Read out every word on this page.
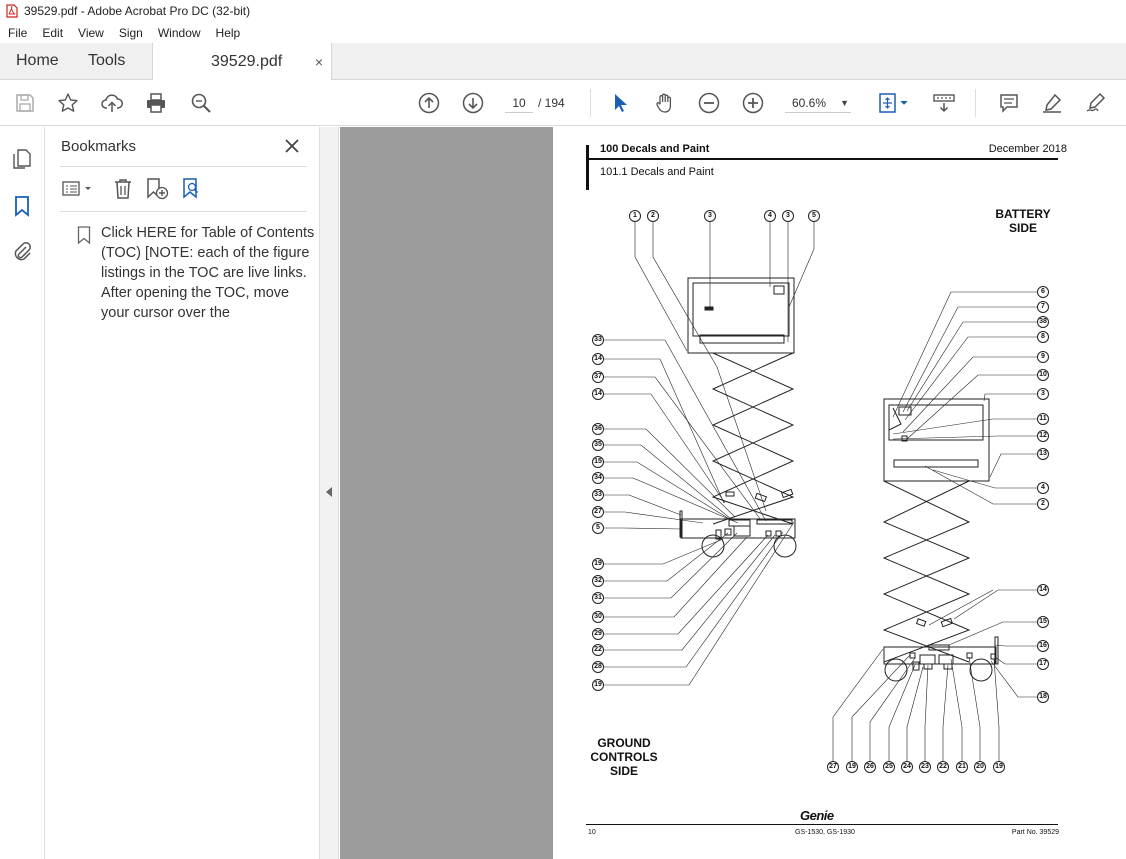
39529.pdf - Adobe Acrobat Pro DC (32-bit)
File	Edit	View	Sign	Window	Help
Home	Tools	39529.pdf ×
10	/ 194	60.6% ▼
Bookmarks
Click HERE for Table of Contents (TOC) [NOTE: each of the figure listings in the TOC are live links. After opening the TOC, move your cursor over the
100 Decals and Paint	December 2018
101.1 Decals and Paint
BATTERY
SIDE
GROUND
CONTROLS
SIDE
1	2	3	4	3	5
6
7
38
8
9
10
3
11
12
13
4
2
14
15
16
17
18
33
14
37
14
36
35
15
34
33
27
5
19
32
31
30
29
22
28
19
27	19	26	25	24	23	22	21	20	19
Genie
10	GS-1530, GS-1930	Part No. 39529
